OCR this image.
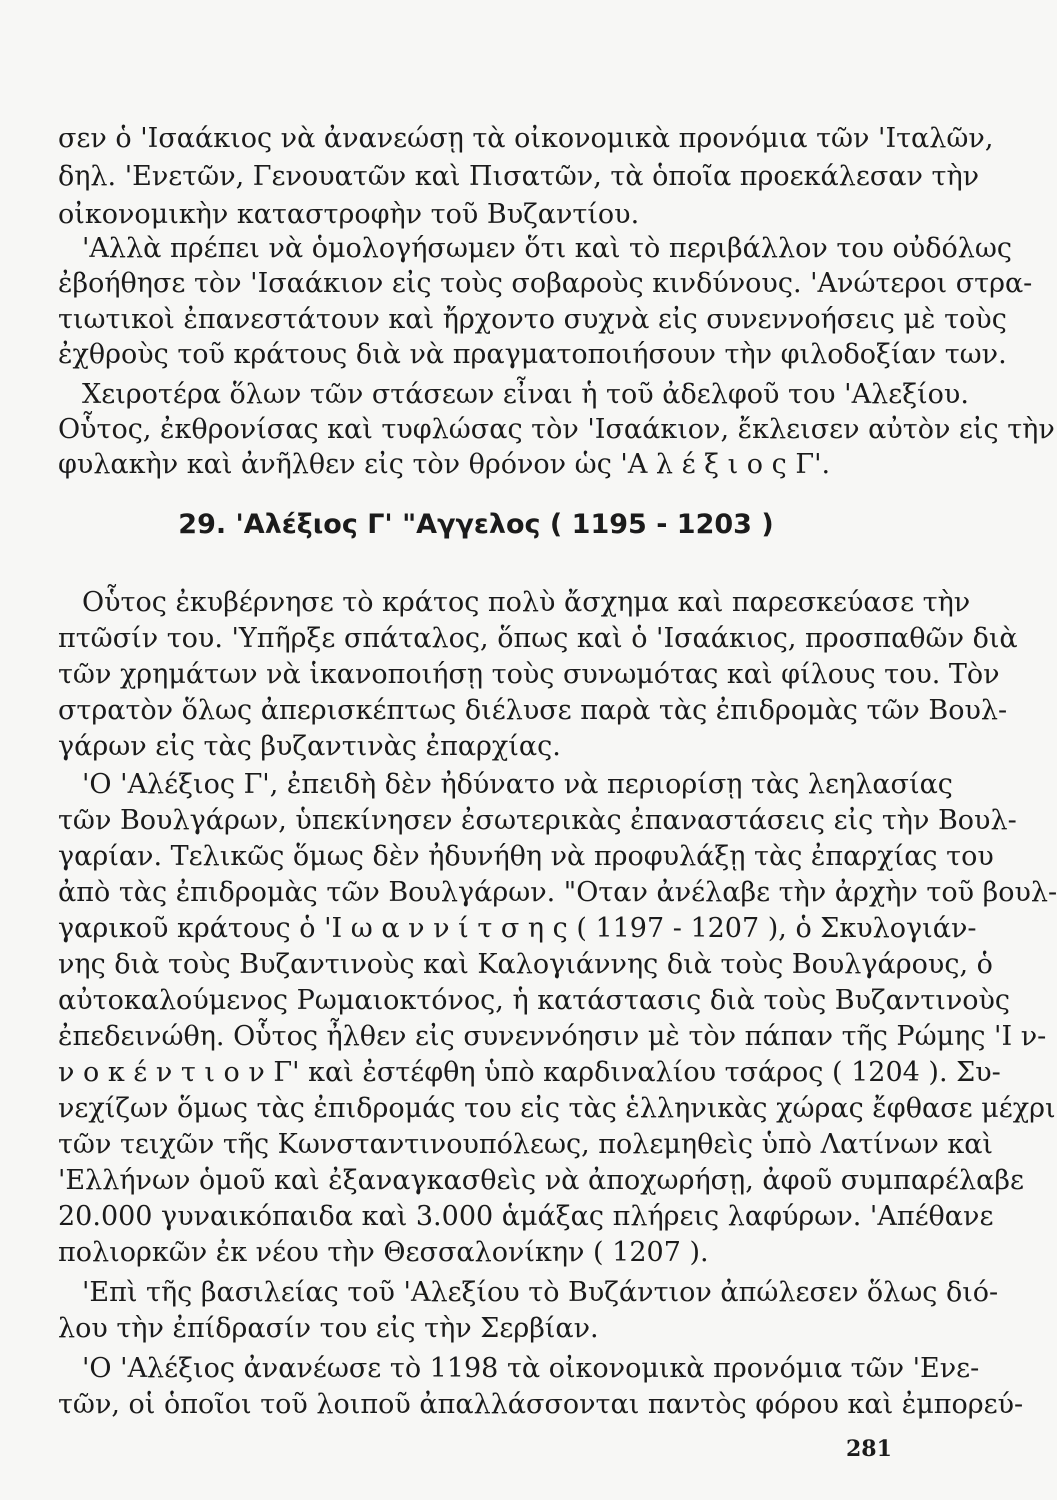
σεν ὁ 'Ισαάκιος νὰ ἀνανεώσῃ τὰ οἰκονομικὰ προνόμια τῶν 'Ιταλῶν,
δηλ. 'Ενετῶν, Γενουατῶν καὶ Πισατῶν, τὰ ὁποῖα προεκάλεσαν τὴν
οἰκονομικὴν καταστροφὴν τοῦ Βυζαντίου.
'Αλλὰ πρέπει νὰ ὁμολογήσωμεν ὅτι καὶ τὸ περιβάλλον του οὐδόλως
ἐβοήθησε τὸν 'Ισαάκιον εἰς τοὺς σοβαροὺς κινδύνους. 'Ανώτεροι στρα-
τιωτικοὶ ἐπανεστάτουν καὶ ἤρχοντο συχνὰ εἰς συνεννοήσεις μὲ τοὺς
ἐχθροὺς τοῦ κράτους διὰ νὰ πραγματοποιήσουν τὴν φιλοδοξίαν των.
Χειροτέρα ὅλων τῶν στάσεων εἶναι ἡ τοῦ ἀδελφοῦ του 'Αλεξίου.
Οὗτος, ἐκθρονίσας καὶ τυφλώσας τὸν 'Ισαάκιον, ἔκλεισεν αὐτὸν εἰς τὴν
φυλακὴν καὶ ἀνῆλθεν εἰς τὸν θρόνον ὡς 'Α λ έ ξ ι ο ς Γ'.
29. 'Αλέξιος Γ' "Αγγελος ( 1195 - 1203 )
Οὗτος ἐκυβέρνησε τὸ κράτος πολὺ ἄσχημα καὶ παρεσκεύασε τὴν
πτῶσίν του. 'Υπῆρξε σπάταλος, ὅπως καὶ ὁ 'Ισαάκιος, προσπαθῶν διὰ
τῶν χρημάτων νὰ ἱκανοποιήσῃ τοὺς συνωμότας καὶ φίλους του. Τὸν
στρατὸν ὅλως ἀπερισκέπτως διέλυσε παρὰ τὰς ἐπιδρομὰς τῶν Βουλ-
γάρων εἰς τὰς βυζαντινὰς ἐπαρχίας.
'Ο 'Αλέξιος Γ', ἐπειδὴ δὲν ἠδύνατο νὰ περιορίσῃ τὰς λεηλασίας
τῶν Βουλγάρων, ὑπεκίνησεν ἐσωτερικὰς ἐπαναστάσεις εἰς τὴν Βουλ-
γαρίαν. Τελικῶς ὅμως δὲν ἠδυνήθη νὰ προφυλάξῃ τὰς ἐπαρχίας του
ἀπὸ τὰς ἐπιδρομὰς τῶν Βουλγάρων. "Οταν ἀνέλαβε τὴν ἀρχὴν τοῦ βουλ-
γαρικοῦ κράτους ὁ 'Ι ω α ν ν ί τ σ η ς ( 1197 - 1207 ), ὁ Σκυλογιάν-
νης διὰ τοὺς Βυζαντινοὺς καὶ Καλογιάννης διὰ τοὺς Βουλγάρους, ὁ
αὐτοκαλούμενος Ρωμαιοκτόνος, ἡ κατάστασις διὰ τοὺς Βυζαντινοὺς
ἐπεδεινώθη. Οὗτος ἦλθεν εἰς συνεννόησιν μὲ τὸν πάπαν τῆς Ρώμης 'Ι ν-
ν ο κ έ ν τ ι ο ν Γ' καὶ ἐστέφθη ὑπὸ καρδιναλίου τσάρος ( 1204 ). Συ-
νεχίζων ὅμως τὰς ἐπιδρομάς του εἰς τὰς ἑλληνικὰς χώρας ἔφθασε μέχρι
τῶν τειχῶν τῆς Κωνσταντινουπόλεως, πολεμηθεὶς ὑπὸ Λατίνων καὶ
'Ελλήνων ὁμοῦ καὶ ἐξαναγκασθεὶς νὰ ἀποχωρήσῃ, ἀφοῦ συμπαρέλαβε
20.000 γυναικόπαιδα καὶ 3.000 ἁμάξας πλήρεις λαφύρων. 'Απέθανε
πολιορκῶν ἐκ νέου τὴν Θεσσαλονίκην ( 1207 ).
'Επὶ τῆς βασιλείας τοῦ 'Αλεξίου τὸ Βυζάντιον ἀπώλεσεν ὅλως διό-
λου τὴν ἐπίδρασίν του εἰς τὴν Σερβίαν.
'Ο 'Αλέξιος ἀνανέωσε τὸ 1198 τὰ οἰκονομικὰ προνόμια τῶν 'Ενε-
τῶν, οἱ ὁποῖοι τοῦ λοιποῦ ἀπαλλάσσονται παντὸς φόρου καὶ ἐμπορεύ-
281
